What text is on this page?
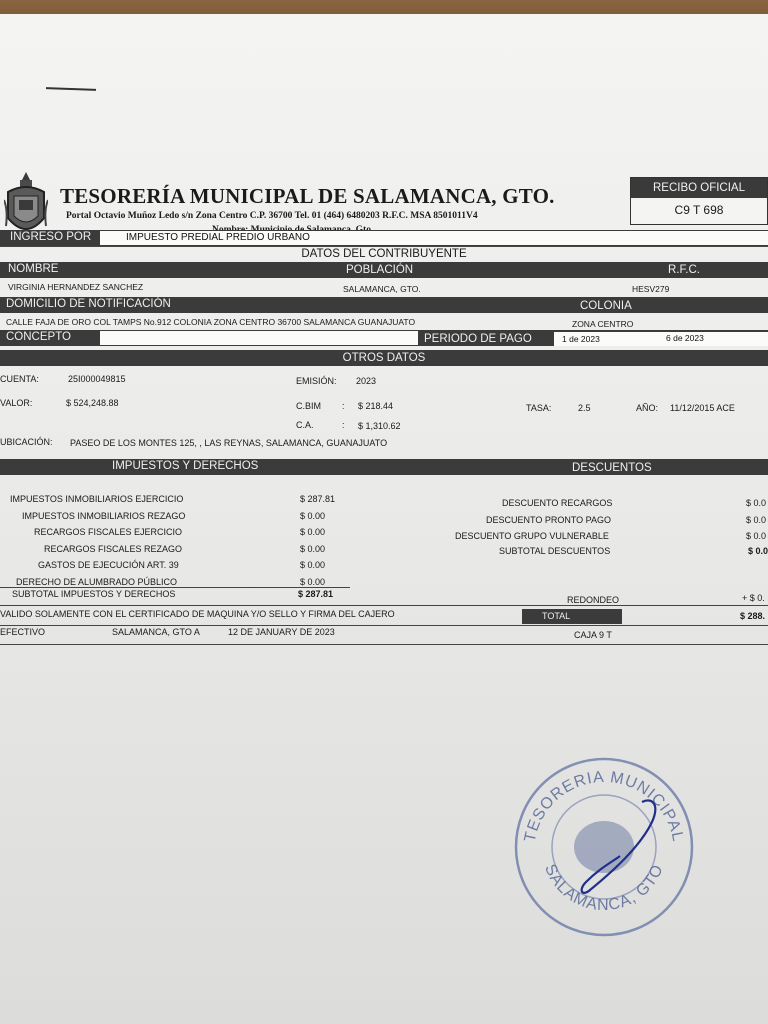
TESORERÍA MUNICIPAL DE SALAMANCA, GTO.
Portal Octavio Muñoz Ledo s/n Zona Centro C.P. 36700 Tel. 01 (464) 6480203 R.F.C. MSA 8501011V4
RECIBO OFICIAL
C9 T 698
INGRESO POR	IMPUESTO PREDIAL PREDIO URBANO
DATOS DEL CONTRIBUYENTE
NOMBRE	POBLACIÓN	R.F.C.
VIRGINIA HERNANDEZ SANCHEZ	SALAMANCA, GTO.	HESV279
DOMICILIO DE NOTIFICACIÓN	COLONIA
CALLE FAJA DE ORO COL TAMPS No.912 COLONIA ZONA CENTRO 36700 SALAMANCA GUANAJUATO	ZONA CENTRO
CONCEPTO	PERIODO DE PAGO	1 de 2023	6 de 2023
OTROS DATOS
CUENTA:	25I000049815	EMISIÓN: 2023
VALOR:	$ 524,248.88	C.BIM : $ 218.44	TASA:	2.5	AÑO: 11/12/2015 ACE
C.A.	: $ 1,310.62
UBICACIÓN: PASEO DE LOS MONTES 125, , LAS REYNAS, SALAMANCA, GUANAJUATO
IMPUESTOS Y DERECHOS	DESCUENTOS
IMPUESTOS INMOBILIARIOS EJERCICIO	$ 287.81
IMPUESTOS INMOBILIARIOS REZAGO	$ 0.00
RECARGOS FISCALES EJERCICIO	$ 0.00
RECARGOS FISCALES REZAGO	$ 0.00
GASTOS DE EJECUCIÓN ART. 39	$ 0.00
DERECHO DE ALUMBRADO PÚBLICO	$ 0.00
DESCUENTO RECARGOS	$ 0.0
DESCUENTO PRONTO PAGO	$ 0.0
DESCUENTO GRUPO VULNERABLE	$ 0.0
SUBTOTAL IMPUESTOS Y DERECHOS	$ 287.81
SUBTOTAL DESCUENTOS	$ 0.0
REDONDEO	+ $ 0.
VALIDO SOLAMENTE CON EL CERTIFICADO DE MAQUINA Y/O SELLO Y FIRMA DEL CAJERO	TOTAL	$ 288.
EFECTIVO	SALAMANCA, GTO A	12 DE JANUARY DE 2023	CAJA 9 T
TESORERIA MUNICIPAL
SALAMANCA, GTO
